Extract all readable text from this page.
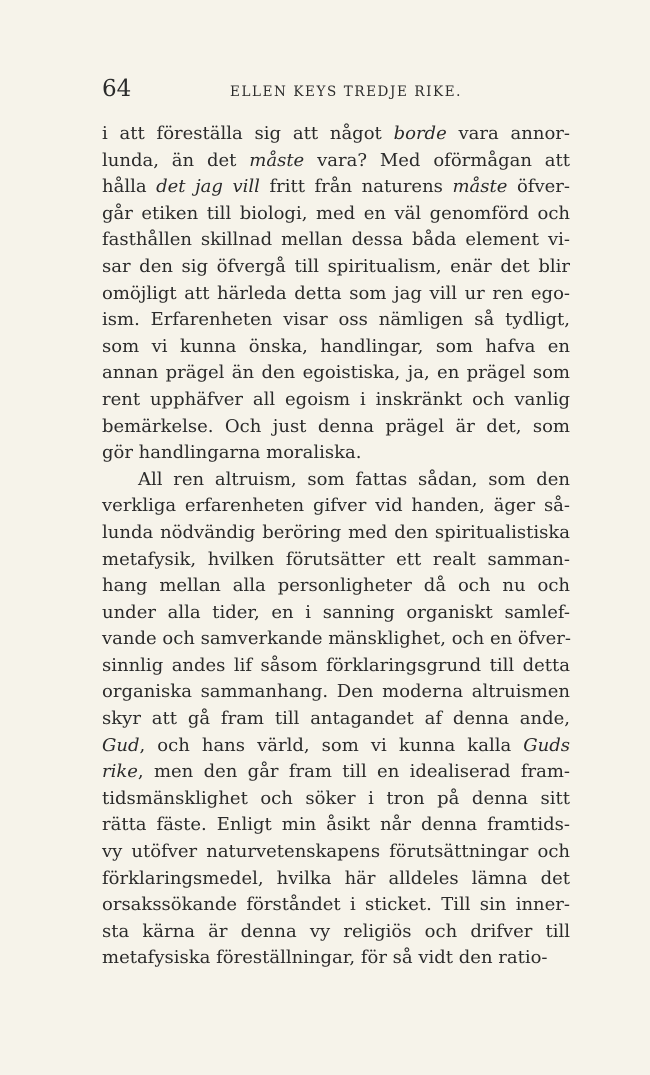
64	ELLEN KEYS TREDJE RIKE.
i att föreställa sig att något borde vara annor-
lunda, än det måste vara? Med oförmågan att
hålla det jag vill fritt från naturens måste öfver-
går etiken till biologi, med en väl genomförd och
fasthållen skillnad mellan dessa båda element vi-
sar den sig öfvergå till spiritualism, enär det blir
omöjligt att härleda detta som jag vill ur ren ego-
ism. Erfarenheten visar oss nämligen så tydligt,
som vi kunna önska, handlingar, som hafva en
annan prägel än den egoistiska, ja, en prägel som
rent upphäfver all egoism i inskränkt och vanlig
bemärkelse. Och just denna prägel är det, som
gör handlingarna moraliska.
All ren altruism, som fattas sådan, som den
verkliga erfarenheten gifver vid handen, äger så-
lunda nödvändig beröring med den spiritualistiska
metafysik, hvilken förutsätter ett realt samman-
hang mellan alla personligheter då och nu och
under alla tider, en i sanning organiskt samlef-
vande och samverkande mänsklighet, och en öfver-
sinnlig andes lif såsom förklaringsgrund till detta
organiska sammanhang. Den moderna altruismen
skyr att gå fram till antagandet af denna ande,
Gud, och hans värld, som vi kunna kalla Guds
rike, men den går fram till en idealiserad fram-
tidsmänsklighet och söker i tron på denna sitt
rätta fäste. Enligt min åsikt når denna framtids-
vy utöfver naturvetenskapens förutsättningar och
förklaringsmedel, hvilka här alldeles lämna det
orsakssökande förståndet i sticket. Till sin inner-
sta kärna är denna vy religiös och drifver till
metafysiska föreställningar, för så vidt den ratio-
